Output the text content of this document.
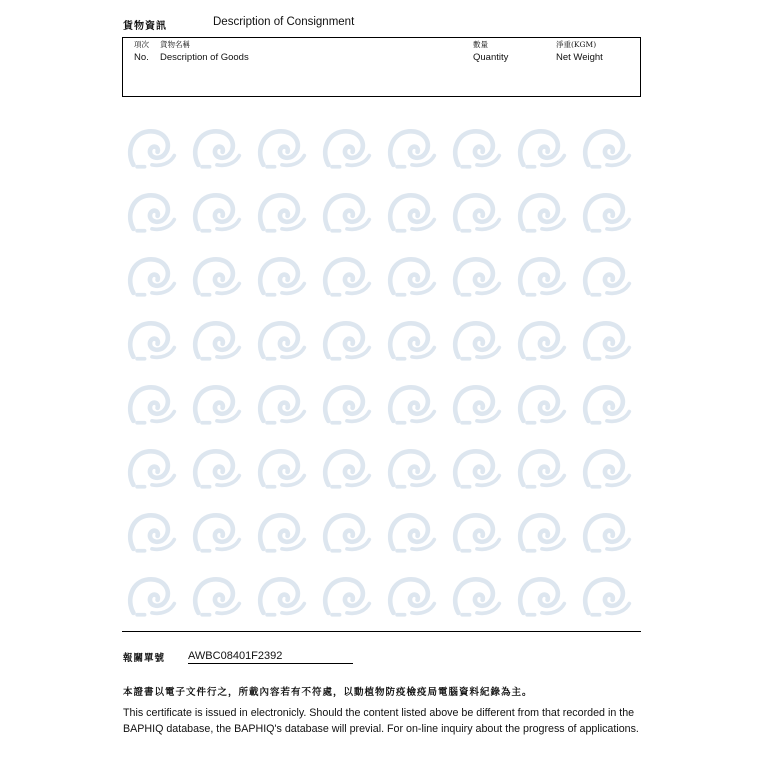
貨物資訊	Description of Consignment
項次
No.
貨物名稱
Description of Goods
數量
Quantity
淨重(KGM)
Net Weight
報關單號 AWBC08401F2392
本證書以電子文件行之，所載內容若有不符處，以動植物防疫檢疫局電腦資料紀錄為主。
This certificate is issued in electronicly. Should the content listed above be different from that recorded in the BAPHIQ database, the BAPHIQ's database will previal. For on-line inquiry about the progress of applications.
